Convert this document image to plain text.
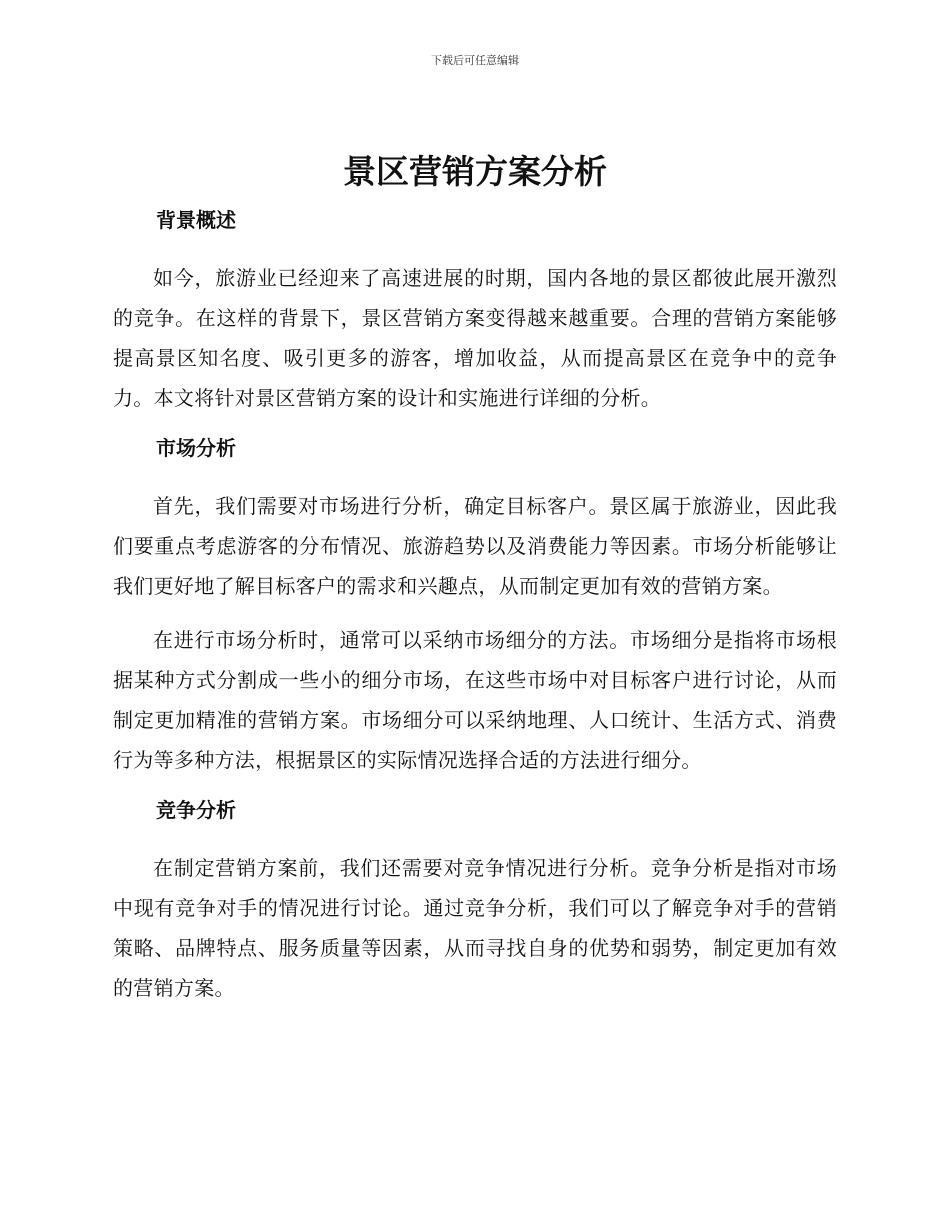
下载后可任意编辑
景区营销方案分析
背景概述

如今，旅游业已经迎来了高速进展的时期，国内各地的景区都彼此展开激烈的竞争。在这样的背景下，景区营销方案变得越来越重要。合理的营销方案能够提高景区知名度、吸引更多的游客，增加收益，从而提高景区在竞争中的竞争力。本文将针对景区营销方案的设计和实施进行详细的分析。

市场分析

首先，我们需要对市场进行分析，确定目标客户。景区属于旅游业，因此我们要重点考虑游客的分布情况、旅游趋势以及消费能力等因素。市场分析能够让我们更好地了解目标客户的需求和兴趣点，从而制定更加有效的营销方案。

在进行市场分析时，通常可以采纳市场细分的方法。市场细分是指将市场根据某种方式分割成一些小的细分市场，在这些市场中对目标客户进行讨论，从而制定更加精准的营销方案。市场细分可以采纳地理、人口统计、生活方式、消费行为等多种方法，根据景区的实际情况选择合适的方法进行细分。

竞争分析

在制定营销方案前，我们还需要对竞争情况进行分析。竞争分析是指对市场中现有竞争对手的情况进行讨论。通过竞争分析，我们可以了解竞争对手的营销策略、品牌特点、服务质量等因素，从而寻找自身的优势和弱势，制定更加有效的营销方案。
